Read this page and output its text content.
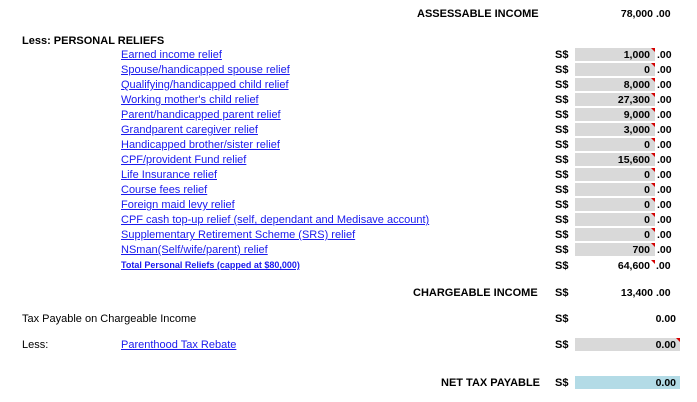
ASSESSABLE INCOME	78,000 .00
Less: PERSONAL RELIEFS
Earned income relief	S$	1,000 .00
Spouse/handicapped spouse relief	S$	0 .00
Qualifying/handicapped child relief	S$	8,000 .00
Working mother's child relief	S$	27,300 .00
Parent/handicapped parent relief	S$	9,000 .00
Grandparent caregiver relief	S$	3,000 .00
Handicapped brother/sister relief	S$	0 .00
CPF/provident Fund relief	S$	15,600 .00
Life Insurance relief	S$	0 .00
Course fees relief	S$	0 .00
Foreign maid levy relief	S$	0 .00
CPF cash top-up relief (self, dependant and Medisave account)	S$	0 .00
Supplementary Retirement Scheme (SRS) relief	S$	0 .00
NSman(Self/wife/parent) relief	S$	700 .00
Total Personal Reliefs (capped at $80,000)	S$	64,600 .00
CHARGEABLE INCOME S$	13,400 .00
Tax Payable on Chargeable Income	S$	0.00
Less:	Parenthood Tax Rebate	S$	0.00
NET TAX PAYABLE S$	0.00
